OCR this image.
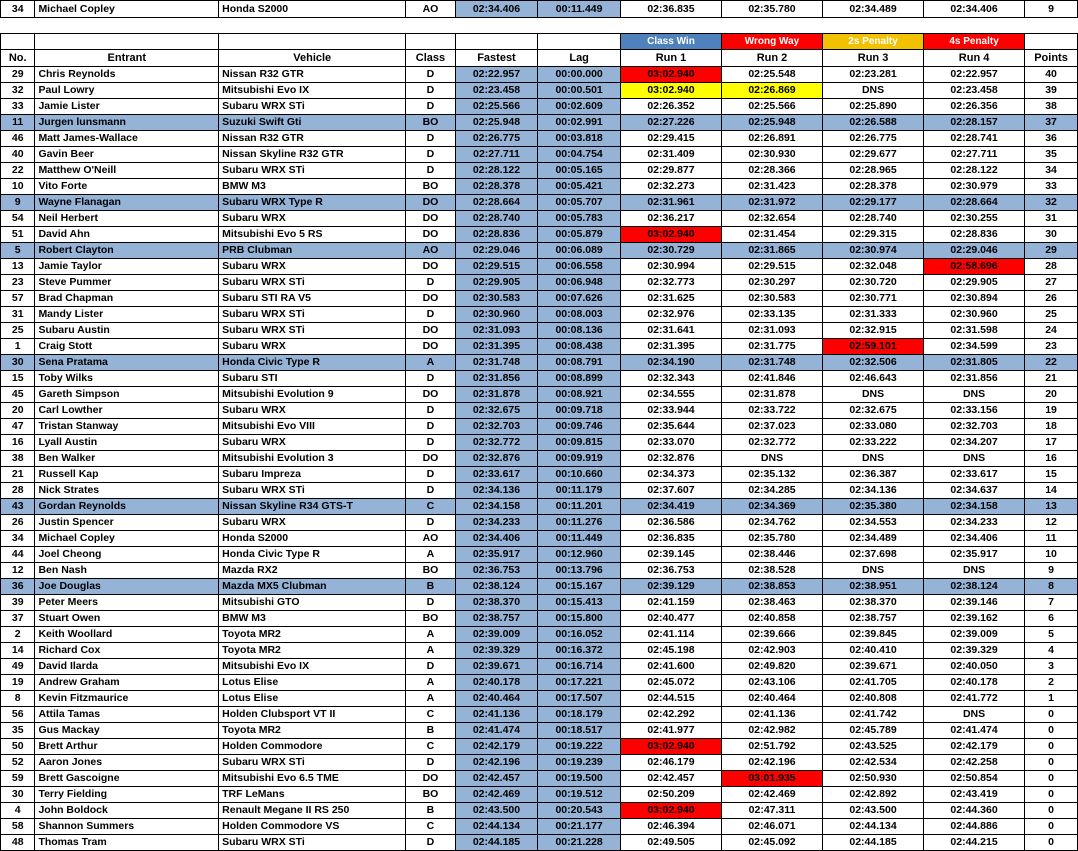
34	Michael Copley	Honda S2000	AO	02:34.406	00:11.449	02:36.835	02:35.780	02:34.489	02:34.406	9

						Class Win	Wrong Way	2s Penalty	4s Penalty	
No.	Entrant	Vehicle	Class	Fastest	Lag	Run 1	Run 2	Run 3	Run 4	Points
29	Chris Reynolds	Nissan R32 GTR	D	02:22.957	00:00.000	03:02.940	02:25.548	02:23.281	02:22.957	40
32	Paul Lowry	Mitsubishi Evo IX	D	02:23.458	00:00.501	03:02.940	02:26.869	DNS	02:23.458	39
33	Jamie Lister	Subaru WRX STi	D	02:25.566	00:02.609	02:26.352	02:25.566	02:25.890	02:26.356	38
11	Jurgen lunsmann	Suzuki Swift Gti	BO	02:25.948	00:02.991	02:27.226	02:25.948	02:26.588	02:28.157	37
46	Matt James-Wallace	Nissan R32 GTR	D	02:26.775	00:03.818	02:29.415	02:26.891	02:26.775	02:28.741	36
40	Gavin Beer	Nissan Skyline R32 GTR	D	02:27.711	00:04.754	02:31.409	02:30.930	02:29.677	02:27.711	35
22	Matthew O'Neill	Subaru WRX STi	D	02:28.122	00:05.165	02:29.877	02:28.366	02:28.965	02:28.122	34
10	Vito Forte	BMW M3	BO	02:28.378	00:05.421	02:32.273	02:31.423	02:28.378	02:30.979	33
9	Wayne Flanagan	Subaru WRX Type R	DO	02:28.664	00:05.707	02:31.961	02:31.972	02:29.177	02:28.664	32
54	Neil Herbert	Subaru WRX	DO	02:28.740	00:05.783	02:36.217	02:32.654	02:28.740	02:30.255	31
51	David Ahn	Mitsubishi Evo 5 RS	DO	02:28.836	00:05.879	03:02.940	02:31.454	02:29.315	02:28.836	30
5	Robert Clayton	PRB Clubman	AO	02:29.046	00:06.089	02:30.729	02:31.865	02:30.974	02:29.046	29
13	Jamie Taylor	Subaru WRX	DO	02:29.515	00:06.558	02:30.994	02:29.515	02:32.048	02:58.696	28
23	Steve Pummer	Subaru WRX STi	D	02:29.905	00:06.948	02:32.773	02:30.297	02:30.720	02:29.905	27
57	Brad Chapman	Subaru STI RA V5	DO	02:30.583	00:07.626	02:31.625	02:30.583	02:30.771	02:30.894	26
31	Mandy Lister	Subaru WRX STi	D	02:30.960	00:08.003	02:32.976	02:33.135	02:31.333	02:30.960	25
25	Subaru Austin	Subaru WRX STi	DO	02:31.093	00:08.136	02:31.641	02:31.093	02:32.915	02:31.598	24
1	Craig Stott	Subaru WRX	DO	02:31.395	00:08.438	02:31.395	02:31.775	02:59.101	02:34.599	23
30	Sena Pratama	Honda Civic Type R	A	02:31.748	00:08.791	02:34.190	02:31.748	02:32.506	02:31.805	22
15	Toby Wilks	Subaru STI	D	02:31.856	00:08.899	02:32.343	02:41.846	02:46.643	02:31.856	21
45	Gareth Simpson	Mitsubishi Evolution 9	DO	02:31.878	00:08.921	02:34.555	02:31.878	DNS	DNS	20
20	Carl Lowther	Subaru WRX	D	02:32.675	00:09.718	02:33.944	02:33.722	02:32.675	02:33.156	19
47	Tristan Stanway	Mitsubishi Evo VIII	D	02:32.703	00:09.746	02:35.644	02:37.023	02:33.080	02:32.703	18
16	Lyall Austin	Subaru WRX	D	02:32.772	00:09.815	02:33.070	02:32.772	02:33.222	02:34.207	17
38	Ben Walker	Mitsubishi Evolution 3	DO	02:32.876	00:09.919	02:32.876	DNS	DNS	DNS	16
21	Russell Kap	Subaru Impreza	D	02:33.617	00:10.660	02:34.373	02:35.132	02:36.387	02:33.617	15
28	Nick Strates	Subaru WRX STi	D	02:34.136	00:11.179	02:37.607	02:34.285	02:34.136	02:34.637	14
43	Gordan Reynolds	Nissan Skyline R34 GTS-T	C	02:34.158	00:11.201	02:34.419	02:34.369	02:35.380	02:34.158	13
26	Justin Spencer	Subaru WRX	D	02:34.233	00:11.276	02:36.586	02:34.762	02:34.553	02:34.233	12
34	Michael Copley	Honda S2000	AO	02:34.406	00:11.449	02:36.835	02:35.780	02:34.489	02:34.406	11
44	Joel Cheong	Honda Civic Type R	A	02:35.917	00:12.960	02:39.145	02:38.446	02:37.698	02:35.917	10
12	Ben Nash	Mazda RX2	BO	02:36.753	00:13.796	02:36.753	02:38.528	DNS	DNS	9
36	Joe Douglas	Mazda MX5 Clubman	B	02:38.124	00:15.167	02:39.129	02:38.853	02:38.951	02:38.124	8
39	Peter Meers	Mitsubishi GTO	D	02:38.370	00:15.413	02:41.159	02:38.463	02:38.370	02:39.146	7
37	Stuart Owen	BMW M3	BO	02:38.757	00:15.800	02:40.477	02:40.858	02:38.757	02:39.162	6
2	Keith Woollard	Toyota MR2	A	02:39.009	00:16.052	02:41.114	02:39.666	02:39.845	02:39.009	5
14	Richard Cox	Toyota MR2	A	02:39.329	00:16.372	02:45.198	02:42.903	02:40.410	02:39.329	4
49	David Ilarda	Mitsubishi Evo IX	D	02:39.671	00:16.714	02:41.600	02:49.820	02:39.671	02:40.050	3
19	Andrew Graham	Lotus Elise	A	02:40.178	00:17.221	02:45.072	02:43.106	02:41.705	02:40.178	2
8	Kevin Fitzmaurice	Lotus Elise	A	02:40.464	00:17.507	02:44.515	02:40.464	02:40.808	02:41.772	1
56	Attila Tamas	Holden Clubsport VT II	C	02:41.136	00:18.179	02:42.292	02:41.136	02:41.742	DNS	0
35	Gus Mackay	Toyota MR2	B	02:41.474	00:18.517	02:41.977	02:42.982	02:45.789	02:41.474	0
50	Brett Arthur	Holden Commodore	C	02:42.179	00:19.222	03:02.940	02:51.792	02:43.525	02:42.179	0
52	Aaron Jones	Subaru WRX STi	D	02:42.196	00:19.239	02:46.179	02:42.196	02:42.534	02:42.258	0
59	Brett Gascoigne	Mitsubishi Evo 6.5 TME	DO	02:42.457	00:19.500	02:42.457	03:01.935	02:50.930	02:50.854	0
30	Terry Fielding	TRF LeMans	BO	02:42.469	00:19.512	02:50.209	02:42.469	02:42.892	02:43.419	0
4	John Boldock	Renault Megane II RS 250	B	02:43.500	00:20.543	03:02.940	02:47.311	02:43.500	02:44.360	0
58	Shannon Summers	Holden Commodore VS	C	02:44.134	00:21.177	02:46.394	02:46.071	02:44.134	02:44.886	0
48	Thomas Tram	Subaru WRX STi	D	02:44.185	00:21.228	02:49.505	02:45.092	02:44.185	02:44.215	0
